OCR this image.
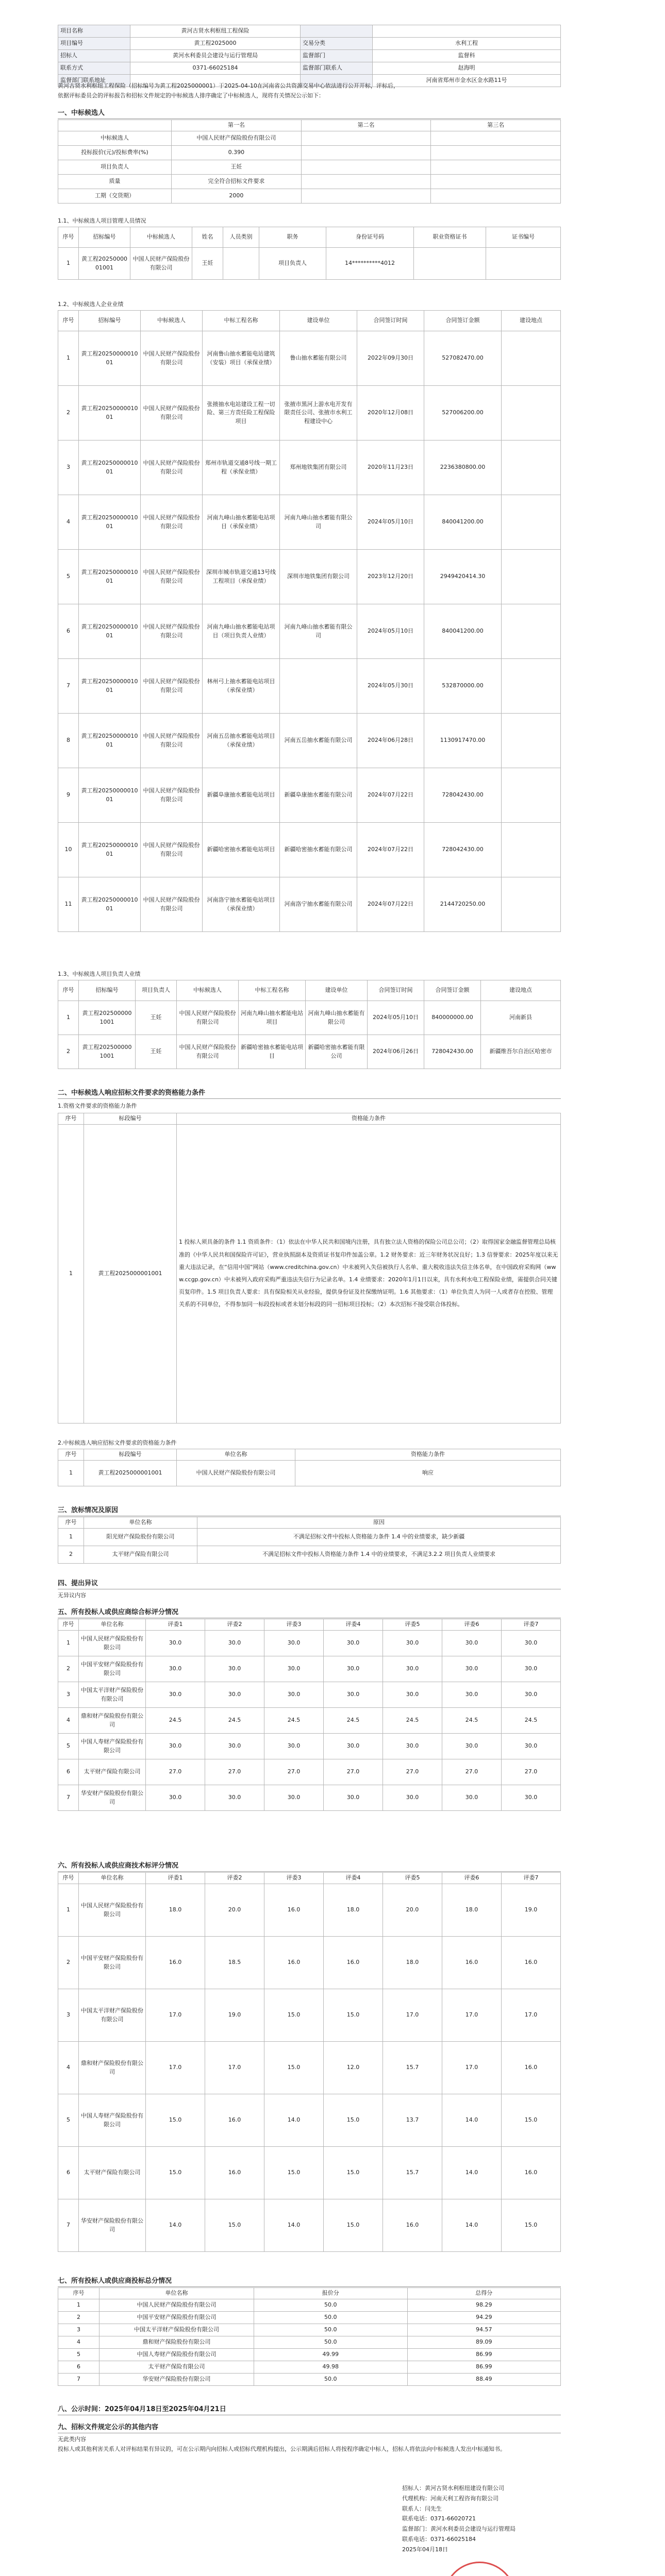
项目名称	黄河古贤水利枢纽工程保险		
项目编号	黄工程2025000	交易分类	水利工程
招标人	黄河水利委员会建设与运行管理局	监督部门	监督科
联系方式	0371-66025184	监督部门联系人	赵海明
监督部门联系地址			河南省郑州市金水区金水路11号
黄河古贤水利枢纽工程保险（招标编号为黄工程2025000001）于2025-04-10在河南省公共资源交易中心依法进行公开开标，评标后，
依据评标委员会的评标报告和招标文件规定的中标候选人排序确定了中标候选人，现将有关情况公示如下：
一、中标候选人
	第一名	第二名	第三名
中标候选人	中国人民财产保险股份有限公司		
投标报价(元)/投标费率(%)	0.390		
项目负责人	王妊		
质量	完全符合招标文件要求		
工期（交货期）	2000		
1.1、中标候选人项目管理人员情况
序号	招标编号	中标候选人	姓名	人员类别	职务	身份证号码	职业资格证书	证书编号
1	黄工程2025000001001	中国人民财产保险股份有限公司	王妊		项目负责人	14**********4012		
1.2、中标候选人企业业绩
序号	招标编号	中标候选人	中标工程名称	建设单位	合同签订时间	合同签订金额	建设地点
1	黄工程2025000001001	中国人民财产保险股份有限公司	河南鲁山抽水蓄能电站建筑（安装）项目（承保业绩）	鲁山抽水蓄能有限公司	2022年09月30日	527082470.00	
2	黄工程2025000001001	中国人民财产保险股份有限公司	张掖抽水电站建设工程一切险、第三方责任险工程保险项目	张掖市黑河上游水电开发有限责任公司、张掖市水利工程建设中心	2020年12月08日	527006200.00	
3	黄工程2025000001001	中国人民财产保险股份有限公司	郑州市轨道交通8号线一期工程（承保业绩）	郑州地铁集团有限公司	2020年11月23日	2236380800.00	
4	黄工程2025000001001	中国人民财产保险股份有限公司	河南九峰山抽水蓄能电站项目（承保业绩）	河南九峰山抽水蓄能有限公司	2024年05月10日	840041200.00	
5	黄工程2025000001001	中国人民财产保险股份有限公司	深圳市城市轨道交通13号线工程项目（承保业绩）	深圳市地铁集团有限公司	2023年12月20日	2949420414.30	
6	黄工程2025000001001	中国人民财产保险股份有限公司	河南九峰山抽水蓄能电站项目（项目负责人业绩）	河南九峰山抽水蓄能有限公司	2024年05月10日	840041200.00	
7	黄工程2025000001001	中国人民财产保险股份有限公司	林州弓上抽水蓄能电站项目（承保业绩）		2024年05月30日	532870000.00	
8	黄工程2025000001001	中国人民财产保险股份有限公司	河南五岳抽水蓄能电站项目（承保业绩）	河南五岳抽水蓄能有限公司	2024年06月28日	1130917470.00	
9	黄工程2025000001001	中国人民财产保险股份有限公司	新疆阜康抽水蓄能电站项目	新疆阜康抽水蓄能有限公司	2024年07月22日	728042430.00	
10	黄工程2025000001001	中国人民财产保险股份有限公司	新疆哈密抽水蓄能电站项目	新疆哈密抽水蓄能有限公司	2024年07月22日	728042430.00	
11	黄工程2025000001001	中国人民财产保险股份有限公司	河南洛宁抽水蓄能电站项目（承保业绩）	河南洛宁抽水蓄能有限公司	2024年07月22日	2144720250.00	
1.3、中标候选人项目负责人业绩
序号	招标编号	项目负责人	中标候选人	中标工程名称	建设单位	合同签订时间	合同签订金额	建设地点
1	黄工程2025000001001	王妊	中国人民财产保险股份有限公司	河南九峰山抽水蓄能电站项目	河南九峰山抽水蓄能有限公司	2024年05月10日	840000000.00	河南新县
2	黄工程2025000001001	王妊	中国人民财产保险股份有限公司	新疆哈密抽水蓄能电站项目	新疆哈密抽水蓄能有限公司	2024年06月26日	728042430.00	新疆维吾尔自治区哈密市
二、中标候选人响应招标文件要求的资格能力条件
1.资格文件要求的资格能力条件
序号	标段编号	资格能力条件
1	黄工程2025000001001	1 投标人须具备的条件 1.1 资质条件：（1）依法在中华人民共和国境内注册，具有独立法人资格的保险公司总公司；（2）取得国家金融监督管理总局核准的《中华人民共和国保险许可证》，营业执照副本及资质证书复印件加盖公章。1.2 财务要求：近三年财务状况良好；1.3 信誉要求：2025年度以来无重大违法记录，在“信用中国”网站（www.creditchina.gov.cn）中未被列入失信被执行人名单、重大税收违法失信主体名单，在中国政府采购网（www.ccgp.gov.cn）中未被列入政府采购严重违法失信行为记录名单。1.4 业绩要求：2020年1月1日以来，具有水利水电工程保险业绩，需提供合同关键页复印件。1.5 项目负责人要求：具有保险相关从业经验，提供身份证及社保缴纳证明。1.6 其他要求：（1）单位负责人为同一人或者存在控股、管理关系的不同单位，不得参加同一标段投标或者未划分标段的同一招标项目投标；（2）本次招标不接受联合体投标。
2.中标候选人响应招标文件要求的资格能力条件
序号	标段编号	单位名称	资格能力条件
1	黄工程2025000001001	中国人民财产保险股份有限公司	响应
三、放标情况及原因
序号	单位名称	原因
1	阳光财产保险股份有限公司	不满足招标文件中投标人资格能力条件 1.4 中的业绩要求，缺少新疆
2	太平财产保险有限公司	不满足招标文件中投标人资格能力条件 1.4 中的业绩要求，不满足3.2.2 项目负责人业绩要求
四、提出异议
无异议内容
五、所有投标人或供应商综合标评分情况
序号	单位名称	评委1	评委2	评委3	评委4	评委5	评委6	评委7
1	中国人民财产保险股份有限公司	30.0	30.0	30.0	30.0	30.0	30.0	30.0
2	中国平安财产保险股份有限公司	30.0	30.0	30.0	30.0	30.0	30.0	30.0
3	中国太平洋财产保险股份有限公司	30.0	30.0	30.0	30.0	30.0	30.0	30.0
4	鼎和财产保险股份有限公司	24.5	24.5	24.5	24.5	24.5	24.5	24.5
5	中国人寿财产保险股份有限公司	30.0	30.0	30.0	30.0	30.0	30.0	30.0
6	太平财产保险有限公司	27.0	27.0	27.0	27.0	27.0	27.0	27.0
7	华安财产保险股份有限公司	30.0	30.0	30.0	30.0	30.0	30.0	30.0
六、所有投标人或供应商技术标评分情况
序号	单位名称	评委1	评委2	评委3	评委4	评委5	评委6	评委7
1	中国人民财产保险股份有限公司	18.0	20.0	16.0	18.0	20.0	18.0	19.0
2	中国平安财产保险股份有限公司	16.0	18.5	16.0	16.0	18.0	16.0	16.0
3	中国太平洋财产保险股份有限公司	17.0	19.0	15.0	15.0	17.0	17.0	17.0
4	鼎和财产保险股份有限公司	17.0	17.0	15.0	12.0	15.7	17.0	16.0
5	中国人寿财产保险股份有限公司	15.0	16.0	14.0	15.0	13.7	14.0	15.0
6	太平财产保险有限公司	15.0	16.0	15.0	15.0	15.7	14.0	16.0
7	华安财产保险股份有限公司	14.0	15.0	14.0	15.0	16.0	14.0	15.0
七、所有投标人或供应商投标总分情况
序号	单位名称	报价分	总得分
1	中国人民财产保险股份有限公司	50.0	98.29
2	中国平安财产保险股份有限公司	50.0	94.29
3	中国太平洋财产保险股份有限公司	50.0	94.57
4	鼎和财产保险股份有限公司	50.0	89.09
5	中国人寿财产保险股份有限公司	49.99	86.99
6	太平财产保险有限公司	49.98	86.99
7	华安财产保险股份有限公司	50.0	88.49
八、公示时间：2025年04月18日至2025年04月21日
九、招标文件规定公示的其他内容
无此类内容
投标人或其他利害关系人对评标结果有异议的，可在公示期内向招标人或招标代理机构提出，公示期满后招标人将按程序确定中标人，招标人将依法向中标候选人发出中标通知书。
招标人：黄河古贤水利枢纽建设有限公司
代理机构：河南天利工程咨询有限公司
联系人：闫先生
联系电话：0371-66020721
监督部门：黄河水利委员会建设与运行管理局
联系电话：0371-66025184
2025年04月18日
